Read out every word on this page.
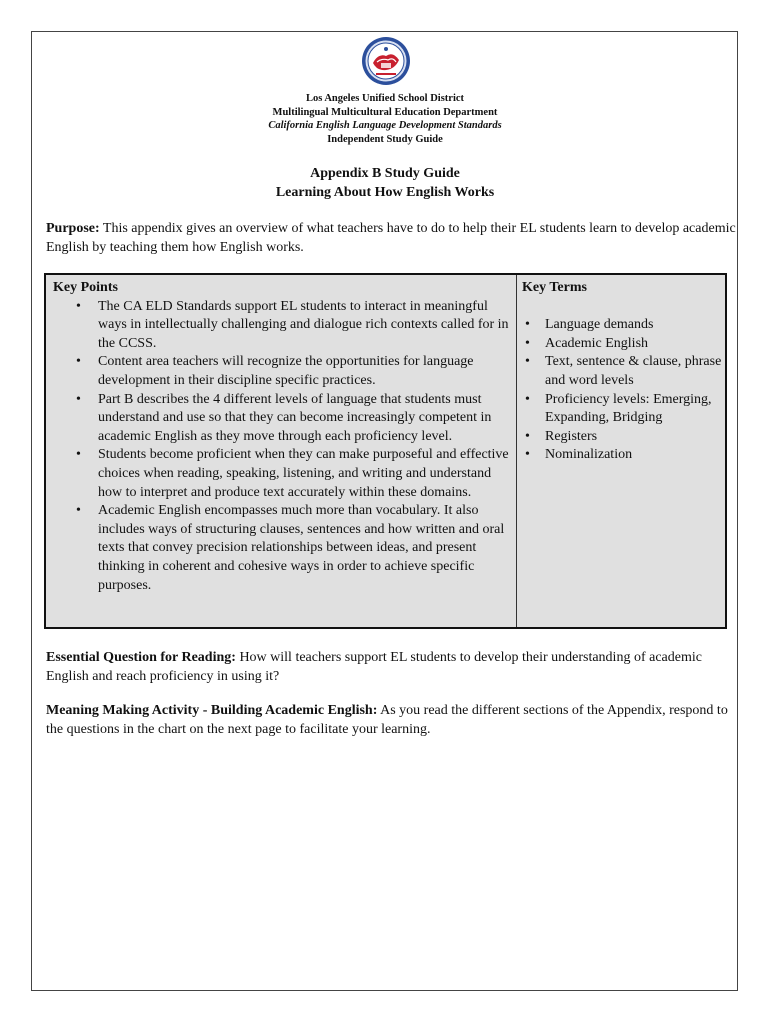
Los Angeles Unified School District
Multilingual Multicultural Education Department
California English Language Development Standards
Independent Study Guide
Appendix B Study Guide
Learning About How English Works
Purpose: This appendix gives an overview of what teachers have to do to help their EL students learn to develop academic English by teaching them how English works.
Key Points
• The CA ELD Standards support EL students to interact in meaningful ways in intellectually challenging and dialogue rich contexts called for in the CCSS.
• Content area teachers will recognize the opportunities for language development in their discipline specific practices.
• Part B describes the 4 different levels of language that students must understand and use so that they can become increasingly competent in academic English as they move through each proficiency level.
• Students become proficient when they can make purposeful and effective choices when reading, speaking, listening, and writing and understand how to interpret and produce text accurately within these domains.
• Academic English encompasses much more than vocabulary. It also includes ways of structuring clauses, sentences and how written and oral texts that convey precision relationships between ideas, and present thinking in coherent and cohesive ways in order to achieve specific purposes.
Key Terms
• Language demands
• Academic English
• Text, sentence & clause, phrase and word levels
• Proficiency levels: Emerging, Expanding, Bridging
• Registers
• Nominalization
Essential Question for Reading: How will teachers support EL students to develop their understanding of academic English and reach proficiency in using it?
Meaning Making Activity - Building Academic English: As you read the different sections of the Appendix, respond to the questions in the chart on the next page to facilitate your learning.
